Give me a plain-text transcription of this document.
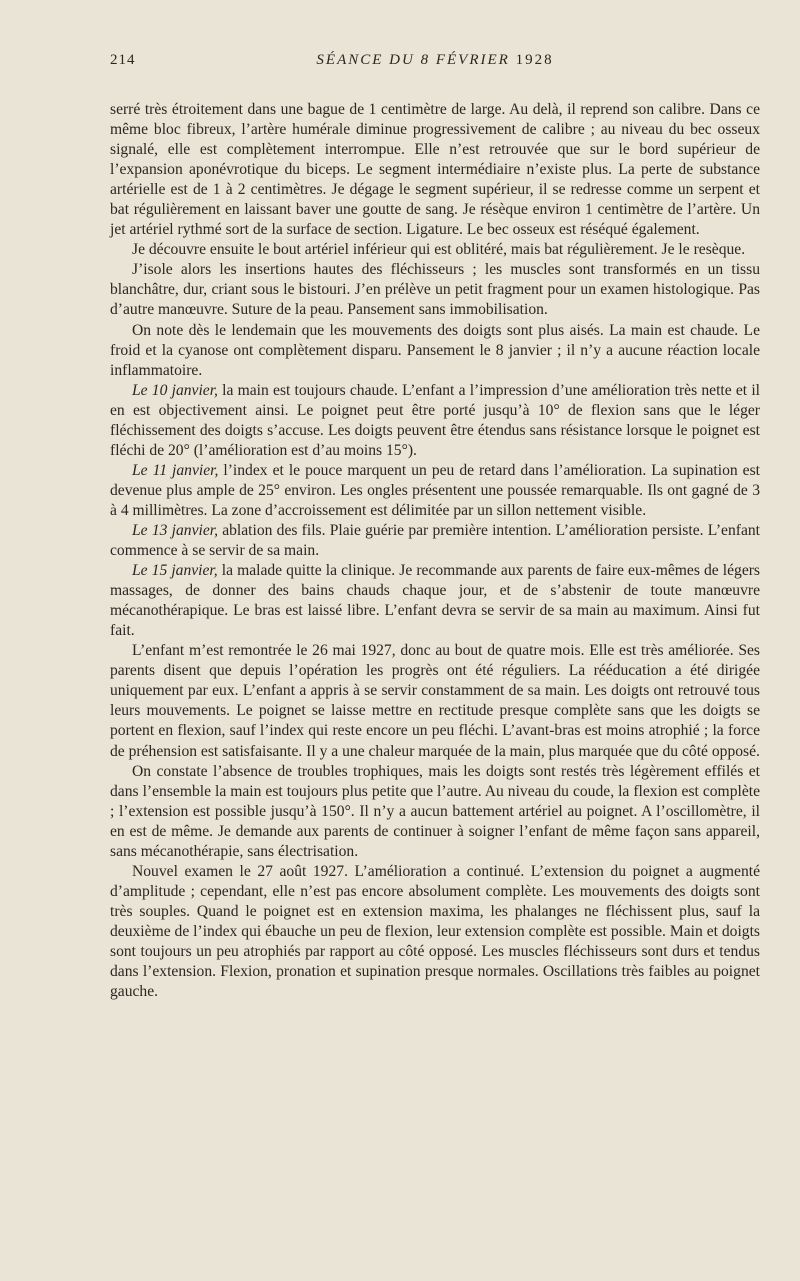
214	SÉANCE DU 8 FÉVRIER 1928

serré très étroitement dans une bague de 1 centimètre de large. Au delà, il reprend son calibre. Dans ce même bloc fibreux, l’artère humérale diminue progressivement de calibre ; au niveau du bec osseux signalé, elle est complètement interrompue. Elle n’est retrouvée que sur le bord supérieur de l’expansion aponévrotique du biceps. Le segment intermédiaire n’existe plus. La perte de substance artérielle est de 1 à 2 centimètres. Je dégage le segment supérieur, il se redresse comme un serpent et bat régulièrement en laissant baver une goutte de sang. Je résèque environ 1 centimètre de l’artère. Un jet artériel rythmé sort de la surface de section. Ligature. Le bec osseux est réséqué également.

Je découvre ensuite le bout artériel inférieur qui est oblitéré, mais bat régulièrement. Je le resèque.

J’isole alors les insertions hautes des fléchisseurs ; les muscles sont transformés en un tissu blanchâtre, dur, criant sous le bistouri. J’en prélève un petit fragment pour un examen histologique. Pas d’autre manœuvre. Suture de la peau. Pansement sans immobilisation.

On note dès le lendemain que les mouvements des doigts sont plus aisés. La main est chaude. Le froid et la cyanose ont complètement disparu. Pansement le 8 janvier ; il n’y a aucune réaction locale inflammatoire.

Le 10 janvier, la main est toujours chaude. L’enfant a l’impression d’une amélioration très nette et il en est objectivement ainsi. Le poignet peut être porté jusqu’à 10° de flexion sans que le léger fléchissement des doigts s’accuse. Les doigts peuvent être étendus sans résistance lorsque le poignet est fléchi de 20° (l’amélioration est d’au moins 15°).

Le 11 janvier, l’index et le pouce marquent un peu de retard dans l’amélioration. La supination est devenue plus ample de 25° environ. Les ongles présentent une poussée remarquable. Ils ont gagné de 3 à 4 millimètres. La zone d’accroissement est délimitée par un sillon nettement visible.

Le 13 janvier, ablation des fils. Plaie guérie par première intention. L’amélioration persiste. L’enfant commence à se servir de sa main.

Le 15 janvier, la malade quitte la clinique. Je recommande aux parents de faire eux-mêmes de légers massages, de donner des bains chauds chaque jour, et de s’abstenir de toute manœuvre mécanothérapique. Le bras est laissé libre. L’enfant devra se servir de sa main au maximum. Ainsi fut fait.

L’enfant m’est remontrée le 26 mai 1927, donc au bout de quatre mois. Elle est très améliorée. Ses parents disent que depuis l’opération les progrès ont été réguliers. La rééducation a été dirigée uniquement par eux. L’enfant a appris à se servir constamment de sa main. Les doigts ont retrouvé tous leurs mouvements. Le poignet se laisse mettre en rectitude presque complète sans que les doigts se portent en flexion, sauf l’index qui reste encore un peu fléchi. L’avant-bras est moins atrophié ; la force de préhension est satisfaisante. Il y a une chaleur marquée de la main, plus marquée que du côté opposé.

On constate l’absence de troubles trophiques, mais les doigts sont restés très légèrement effilés et dans l’ensemble la main est toujours plus petite que l’autre. Au niveau du coude, la flexion est complète ; l’extension est possible jusqu’à 150°. Il n’y a aucun battement artériel au poignet. A l’oscillomètre, il en est de même. Je demande aux parents de continuer à soigner l’enfant de même façon sans appareil, sans mécanothérapie, sans électrisation.

Nouvel examen le 27 août 1927. L’amélioration a continué. L’extension du poignet a augmenté d’amplitude ; cependant, elle n’est pas encore absolument complète. Les mouvements des doigts sont très souples. Quand le poignet est en extension maxima, les phalanges ne fléchissent plus, sauf la deuxième de l’index qui ébauche un peu de flexion, leur extension complète est possible. Main et doigts sont toujours un peu atrophiés par rapport au côté opposé. Les muscles fléchisseurs sont durs et tendus dans l’extension. Flexion, pronation et supination presque normales. Oscillations très faibles au poignet gauche.
